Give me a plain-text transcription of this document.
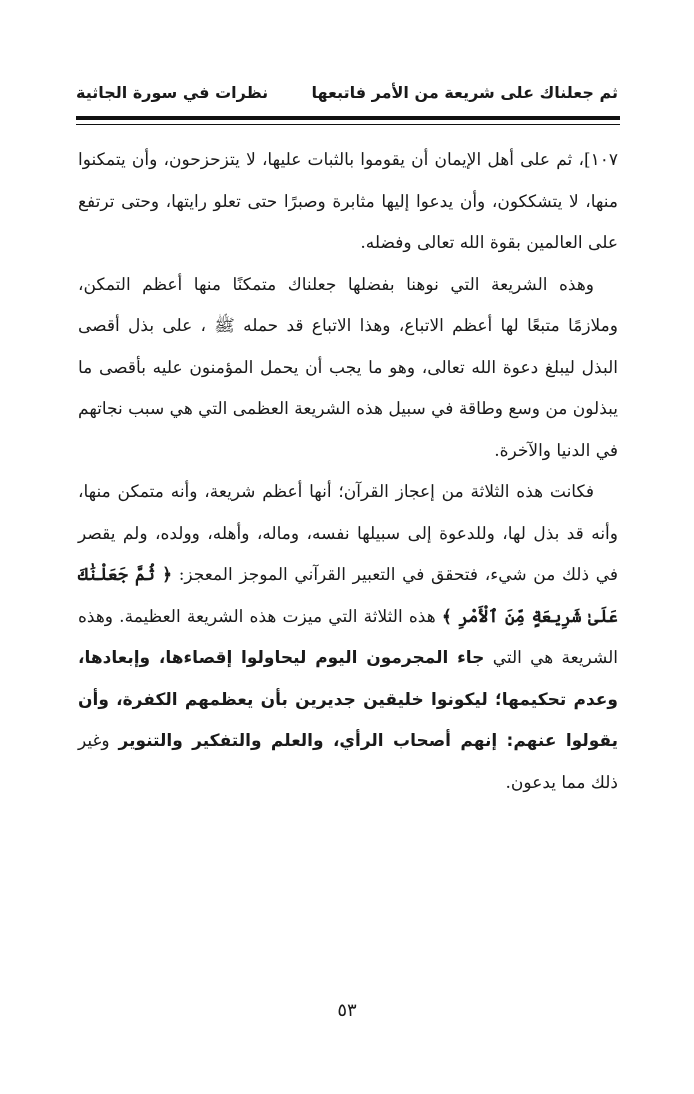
ثم جعلناك على شريعة من الأمر فاتبعها
نظرات في سورة الجاثية

١٠٧]، ثم على أهل الإيمان أن يقوموا بالثبات عليها، لا يتزحزحون، وأن يتمكنوا منها، لا يتشككون، وأن يدعوا إليها مثابرة وصبرًا حتى تعلو رايتها، وحتى ترتفع على العالمين بقوة الله تعالى وفضله.

وهذه الشريعة التي نوهنا بفضلها جعلناك متمكنًا منها أعظم التمكن، وملازمًا متبعًا لها أعظم الاتباع، وهذا الاتباع قد حمله ﷺ ، على بذل أقصى البذل ليبلغ دعوة الله تعالى، وهو ما يجب أن يحمل المؤمنون عليه بأقصى ما يبذلون من وسع وطاقة في سبيل هذه الشريعة العظمى التي هي سبب نجاتهم في الدنيا والآخرة.

فكانت هذه الثلاثة من إعجاز القرآن؛ أنها أعظم شريعة، وأنه متمكن منها، وأنه قد بذل لها، وللدعوة إلى سبيلها نفسه، وماله، وأهله، وولده، ولم يقصر في ذلك من شيء، فتحقق في التعبير القرآني الموجز المعجز: ﴿ ثُمَّ جَعَلْنَٰكَ عَلَىٰ شَرِيعَةٍ مِّنَ ٱلْأَمْرِ ﴾ هذه الثلاثة التي ميزت هذه الشريعة العظيمة. وهذه الشريعة هي التي جاء المجرمون اليوم ليحاولوا إقصاءها، وإبعادها، وعدم تحكيمها؛ ليكونوا خليقين جديرين بأن يعظمهم الكفرة، وأن يقولوا عنهم: إنهم أصحاب الرأي، والعلم والتفكير والتنوير وغير ذلك مما يدعون.

٥٣
